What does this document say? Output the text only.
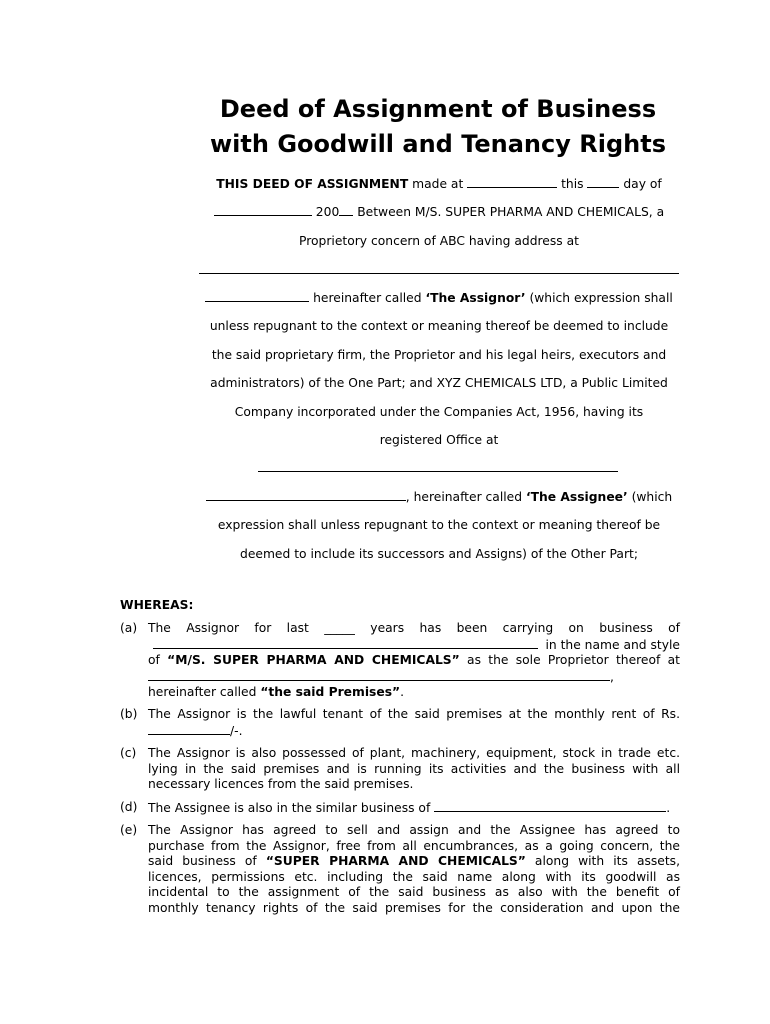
Deed of Assignment of Business
with Goodwill and Tenancy Rights
THIS DEED OF ASSIGNMENT made at	this	day of
200 Between M/S. SUPER PHARMA AND CHEMICALS, a
Proprietory concern of ABC having address at
hereinafter called ‘The Assignor’ (which expression shall
unless repugnant to the context or meaning thereof be deemed to include
the said proprietary firm, the Proprietor and his legal heirs, executors and
administrators) of the One Part; and XYZ CHEMICALS LTD, a Public Limited
Company incorporated under the Companies Act, 1956, having its
registered Office at
, hereinafter called ‘The Assignee’ (which
expression shall unless repugnant to the context or meaning thereof be
deemed to include its successors and Assigns) of the Other Part;
WHEREAS:
(a) The Assignor for last _____ years has been carrying on business of
in the name and style
of “M/S. SUPER PHARMA AND CHEMICALS” as the sole Proprietor thereof at
,
hereinafter called “the said Premises”.
(b) The Assignor is the lawful tenant of the said premises at the monthly rent of Rs.
/-.
(c) The Assignor is also possessed of plant, machinery, equipment, stock in trade etc.
lying in the said premises and is running its activities and the business with all
necessary licences from the said premises.
(d) The Assignee is also in the similar business of	.
(e) The Assignor has agreed to sell and assign and the Assignee has agreed to
purchase from the Assignor, free from all encumbrances, as a going concern, the
said business of “SUPER PHARMA AND CHEMICALS” along with its assets,
licences, permissions etc. including the said name along with its goodwill as
incidental to the assignment of the said business as also with the benefit of
monthly tenancy rights of the said premises for the consideration and upon the
